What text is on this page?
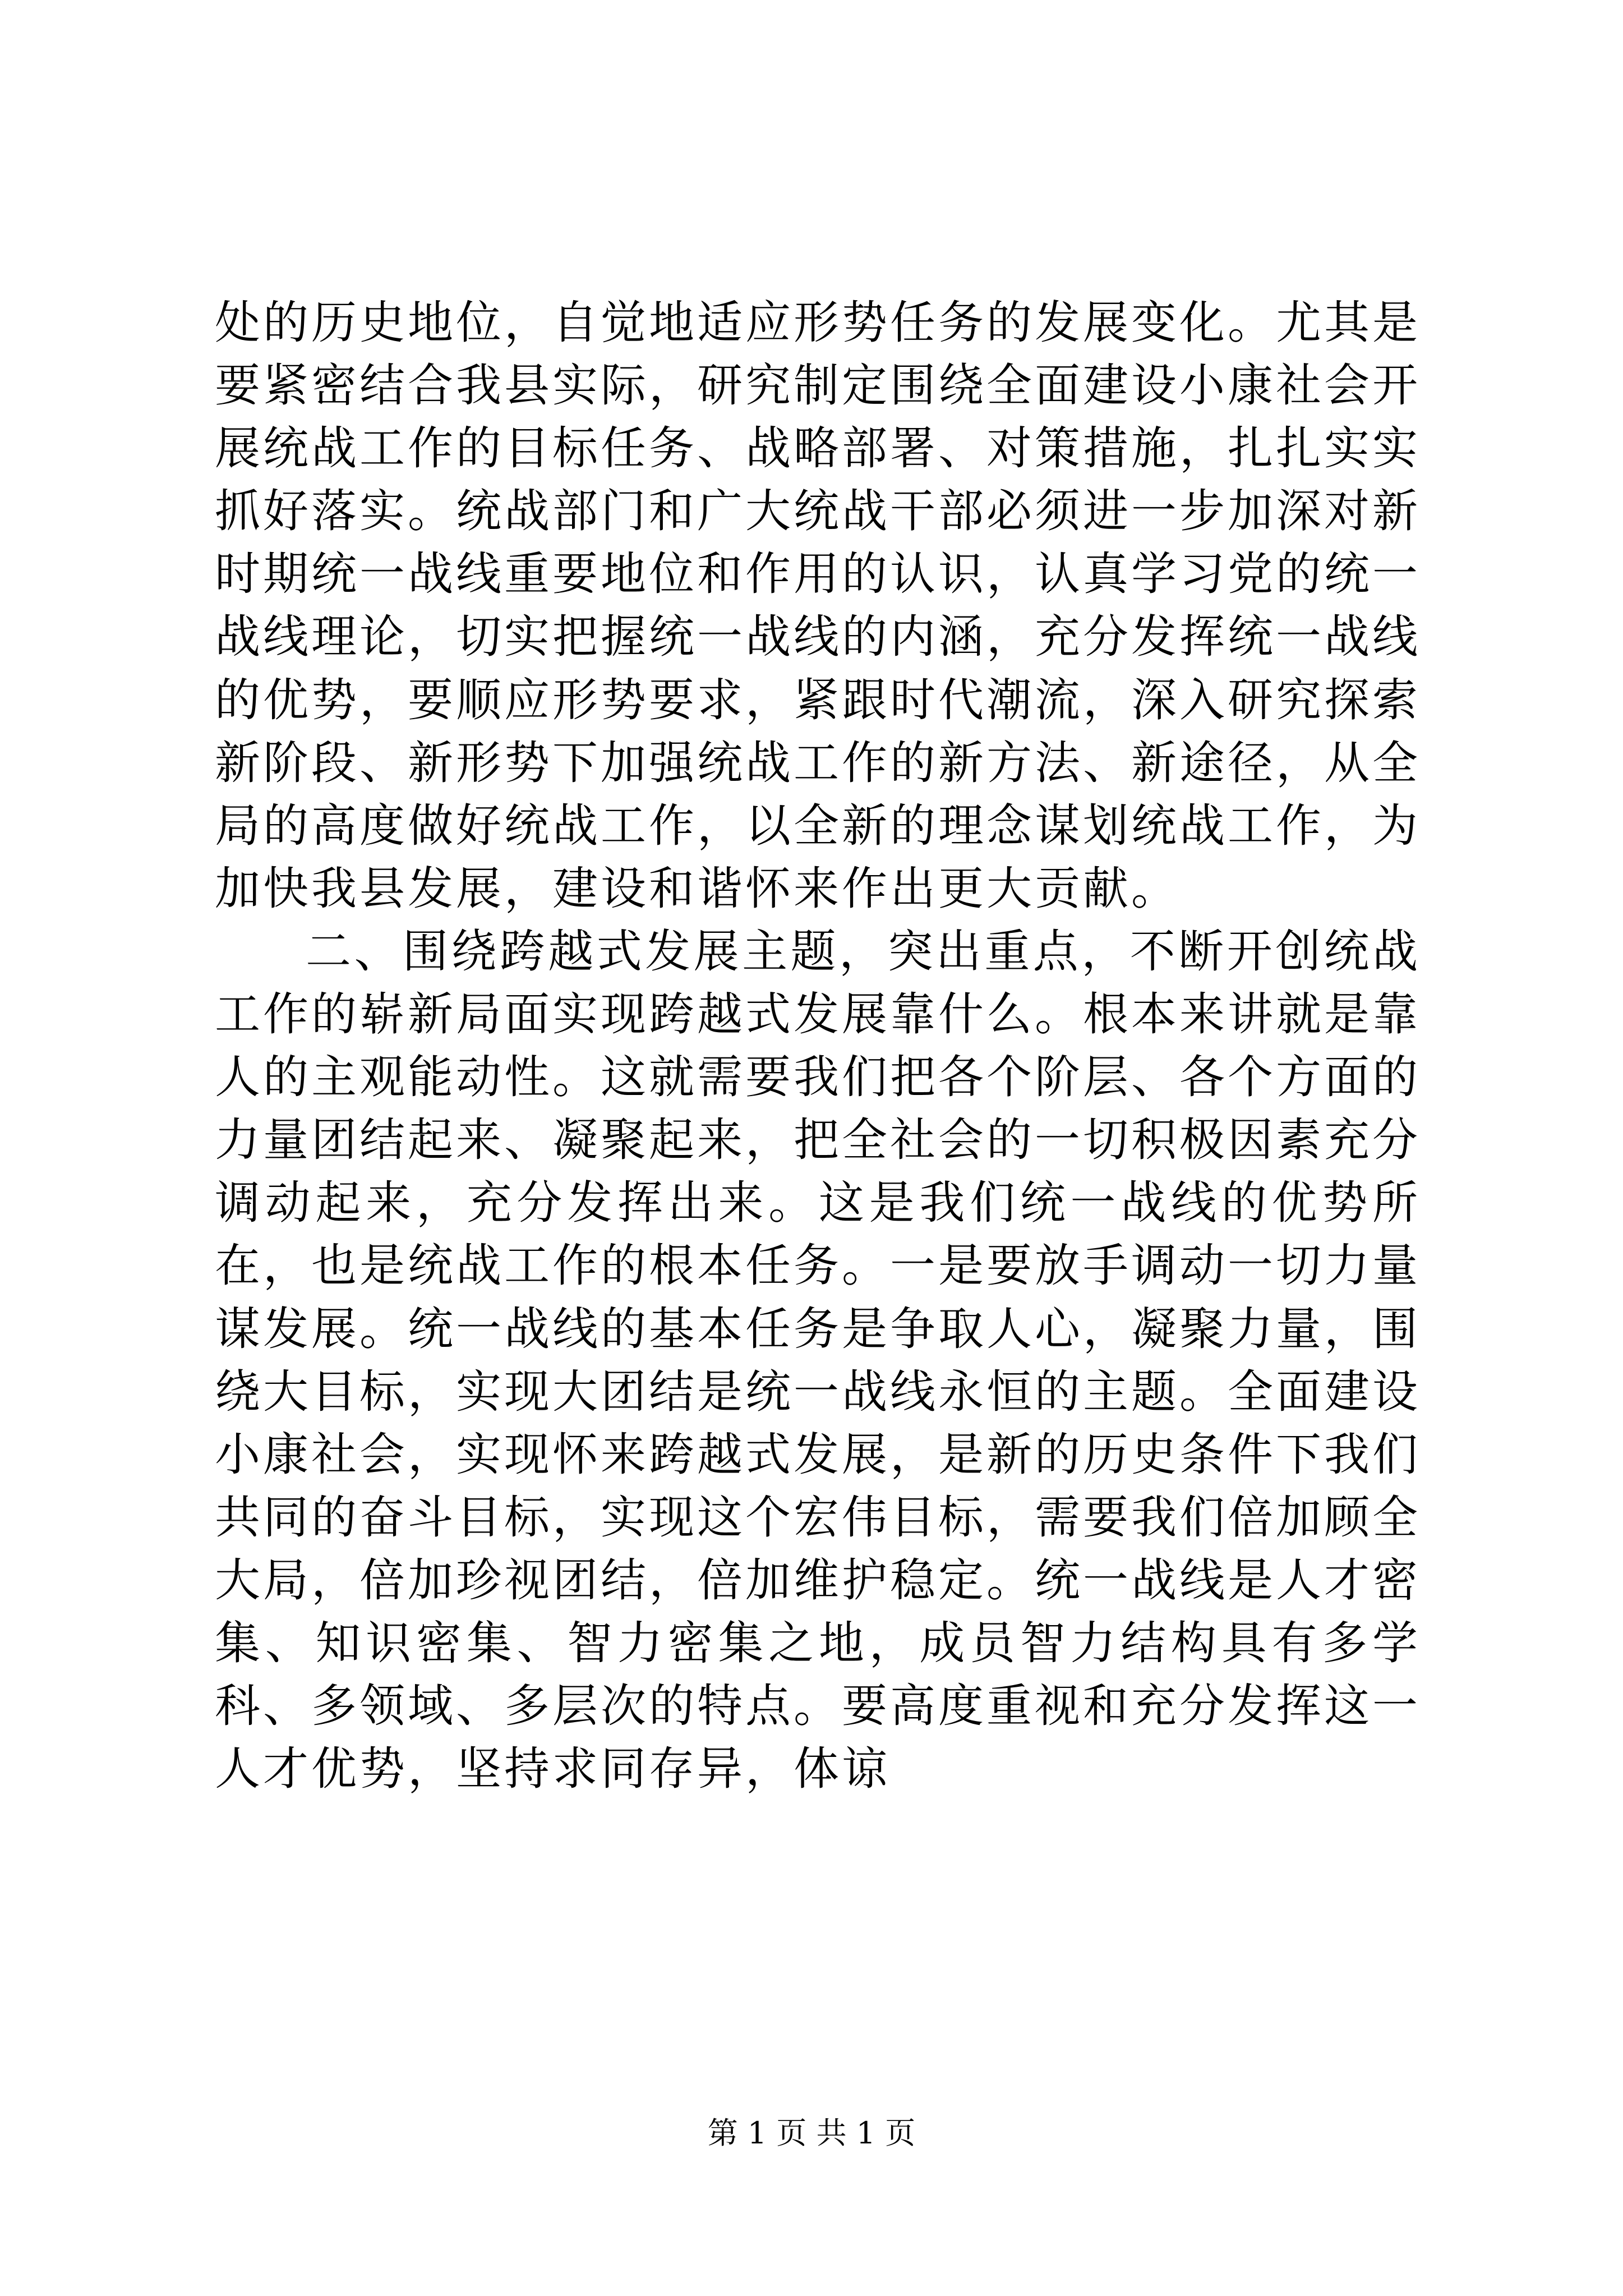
处的历史地位，自觉地适应形势任务的发展变化。尤其是要紧密结合我县实际，研究制定围绕全面建设小康社会开展统战工作的目标任务、战略部署、对策措施，扎扎实实抓好落实。统战部门和广大统战干部必须进一步加深对新时期统一战线重要地位和作用的认识，认真学习党的统一战线理论，切实把握统一战线的内涵，充分发挥统一战线的优势，要顺应形势要求，紧跟时代潮流，深入研究探索新阶段、新形势下加强统战工作的新方法、新途径，从全局的高度做好统战工作，以全新的理念谋划统战工作，为加快我县发展，建设和谐怀来作出更大贡献。

二、围绕跨越式发展主题，突出重点，不断开创统战工作的崭新局面实现跨越式发展靠什么。根本来讲就是靠人的主观能动性。这就需要我们把各个阶层、各个方面的力量团结起来、凝聚起来，把全社会的一切积极因素充分调动起来，充分发挥出来。这是我们统一战线的优势所在，也是统战工作的根本任务。一是要放手调动一切力量谋发展。统一战线的基本任务是争取人心，凝聚力量，围绕大目标，实现大团结是统一战线永恒的主题。全面建设小康社会，实现怀来跨越式发展，是新的历史条件下我们共同的奋斗目标，实现这个宏伟目标，需要我们倍加顾全大局，倍加珍视团结，倍加维护稳定。统一战线是人才密集、知识密集、智力密集之地，成员智力结构具有多学科、多领域、多层次的特点。要高度重视和充分发挥这一人才优势，坚持求同存异，体谅

第 1 页 共 1 页
